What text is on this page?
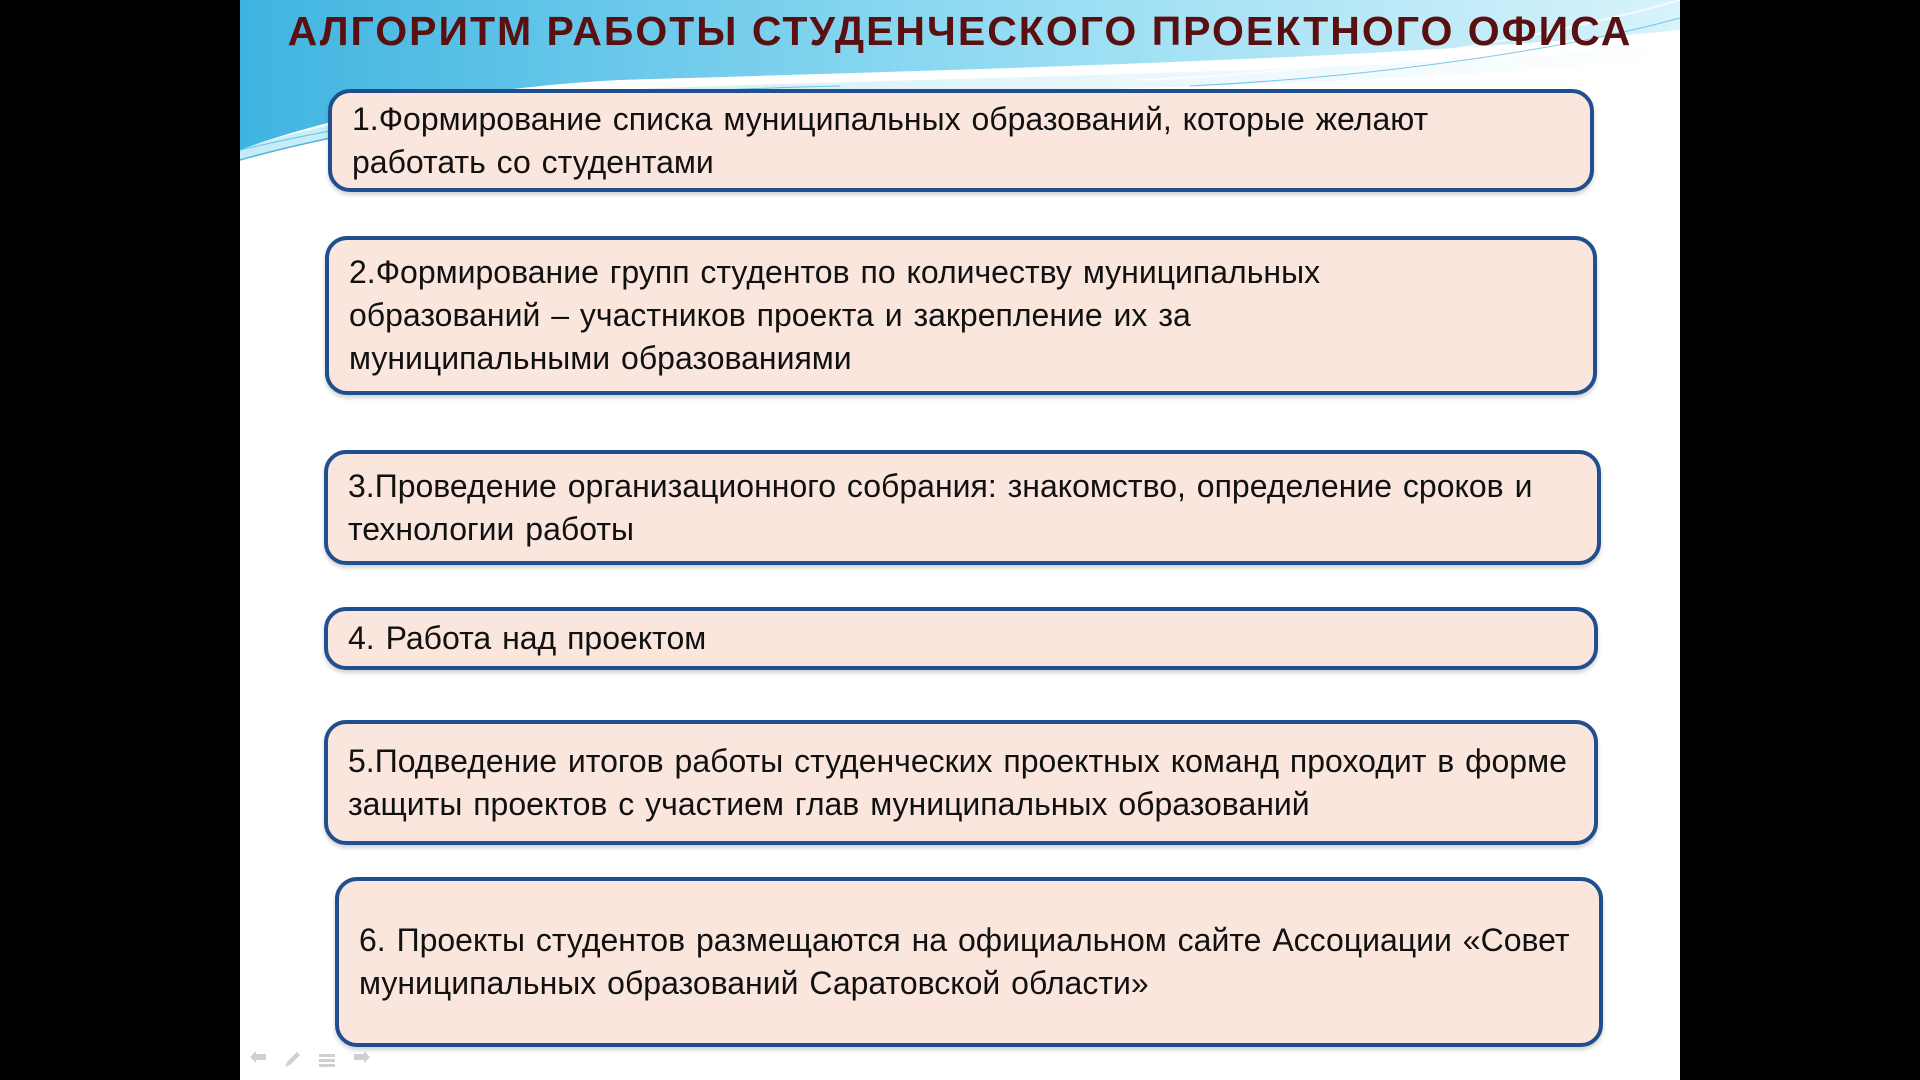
АЛГОРИТМ РАБОТЫ СТУДЕНЧЕСКОГО ПРОЕКТНОГО ОФИСА
1.Формирование списка муниципальных образований, которые желают работать со студентами
2.Формирование групп студентов по количеству муниципальных образований – участников проекта и закрепление их за муниципальными образованиями
3.Проведение организационного собрания: знакомство, определение сроков и технологии работы
4. Работа над проектом
5.Подведение итогов работы студенческих проектных команд проходит в форме защиты проектов с участием глав муниципальных образований
6. Проекты студентов размещаются на официальном сайте Ассоциации «Совет муниципальных образований Саратовской области»
